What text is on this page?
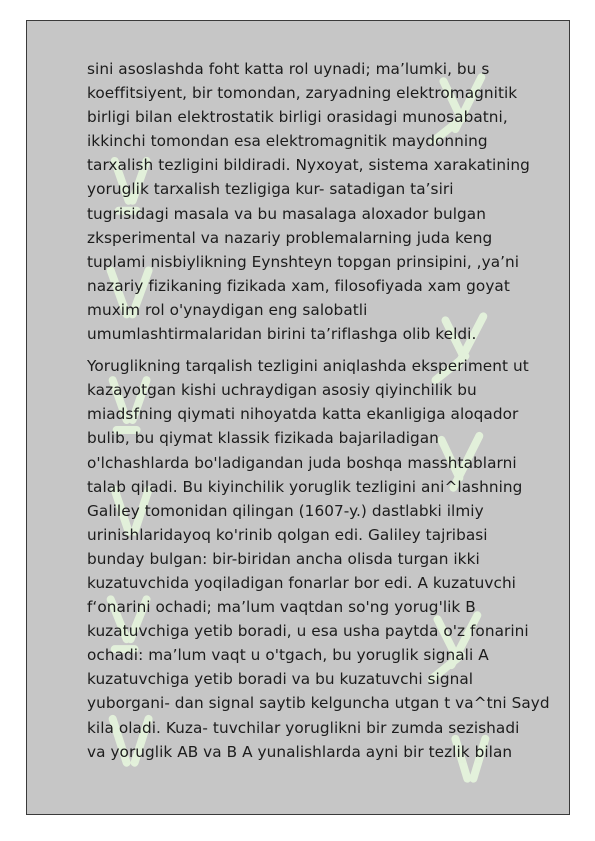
sini asoslashda foht katta rol uynadi; ma’lumki, bu s
koeffitsiyent, bir tomondan, zaryadning elektromagnitik
birligi bilan elektrostatik birligi orasidagi munosabatni,
ikkinchi tomondan esa elektromagnitik maydonning
tarxalish tezligini bildiradi. Nyxoyat, sistema xarakatining
yoruglik tarxalish tezligiga kur- satadigan ta’siri
tugrisidagi masala va bu masalaga aloxador bulgan
zksperimental va nazariy problemalarning juda keng
tuplami nisbiylikning Eynshteyn topgan prinsipini, ,ya’ni
nazariy fizikaning fizikada xam, filosofiyada xam goyat
muxim rol o'ynaydigan eng salobatli
umumlashtirmalaridan birini ta’riflashga olib keldi.
Yoruglikning tarqalish tezligini aniqlashda eksperiment ut
kazayotgan kishi uchraydigan asosiy qiyinchilik bu
miadsfning qiymati nihoyatda katta ekanligiga aloqador
bulib, bu qiymat klassik fizikada bajariladigan
o'lchashlarda bo'ladigandan juda boshqa masshtablarni
talab qiladi. Bu kiyinchilik yoruglik tezligini ani^lashning
Galiley tomonidan qilingan (1607-y.) dastlabki ilmiy
urinishlaridayoq ko'rinib qolgan edi. Galiley tajribasi
bunday bulgan: bir-biridan ancha olisda turgan ikki
kuzatuvchida yoqiladigan fonarlar bor edi. A kuzatuvchi
f‘onarini ochadi; ma’lum vaqtdan so'ng yorug'lik B
kuzatuvchiga yetib boradi, u esa usha paytda o'z fonarini
ochadi: ma’lum vaqt u o'tgach, bu yoruglik signali A
kuzatuvchiga yetib boradi va bu kuzatuvchi signal
yuborgani- dan signal saytib kelguncha utgan t va^tni Sayd
kila oladi. Kuza- tuvchilar yoruglikni bir zumda sezishadi
va yoruglik AB va B A yunalishlarda ayni bir tezlik bilan
